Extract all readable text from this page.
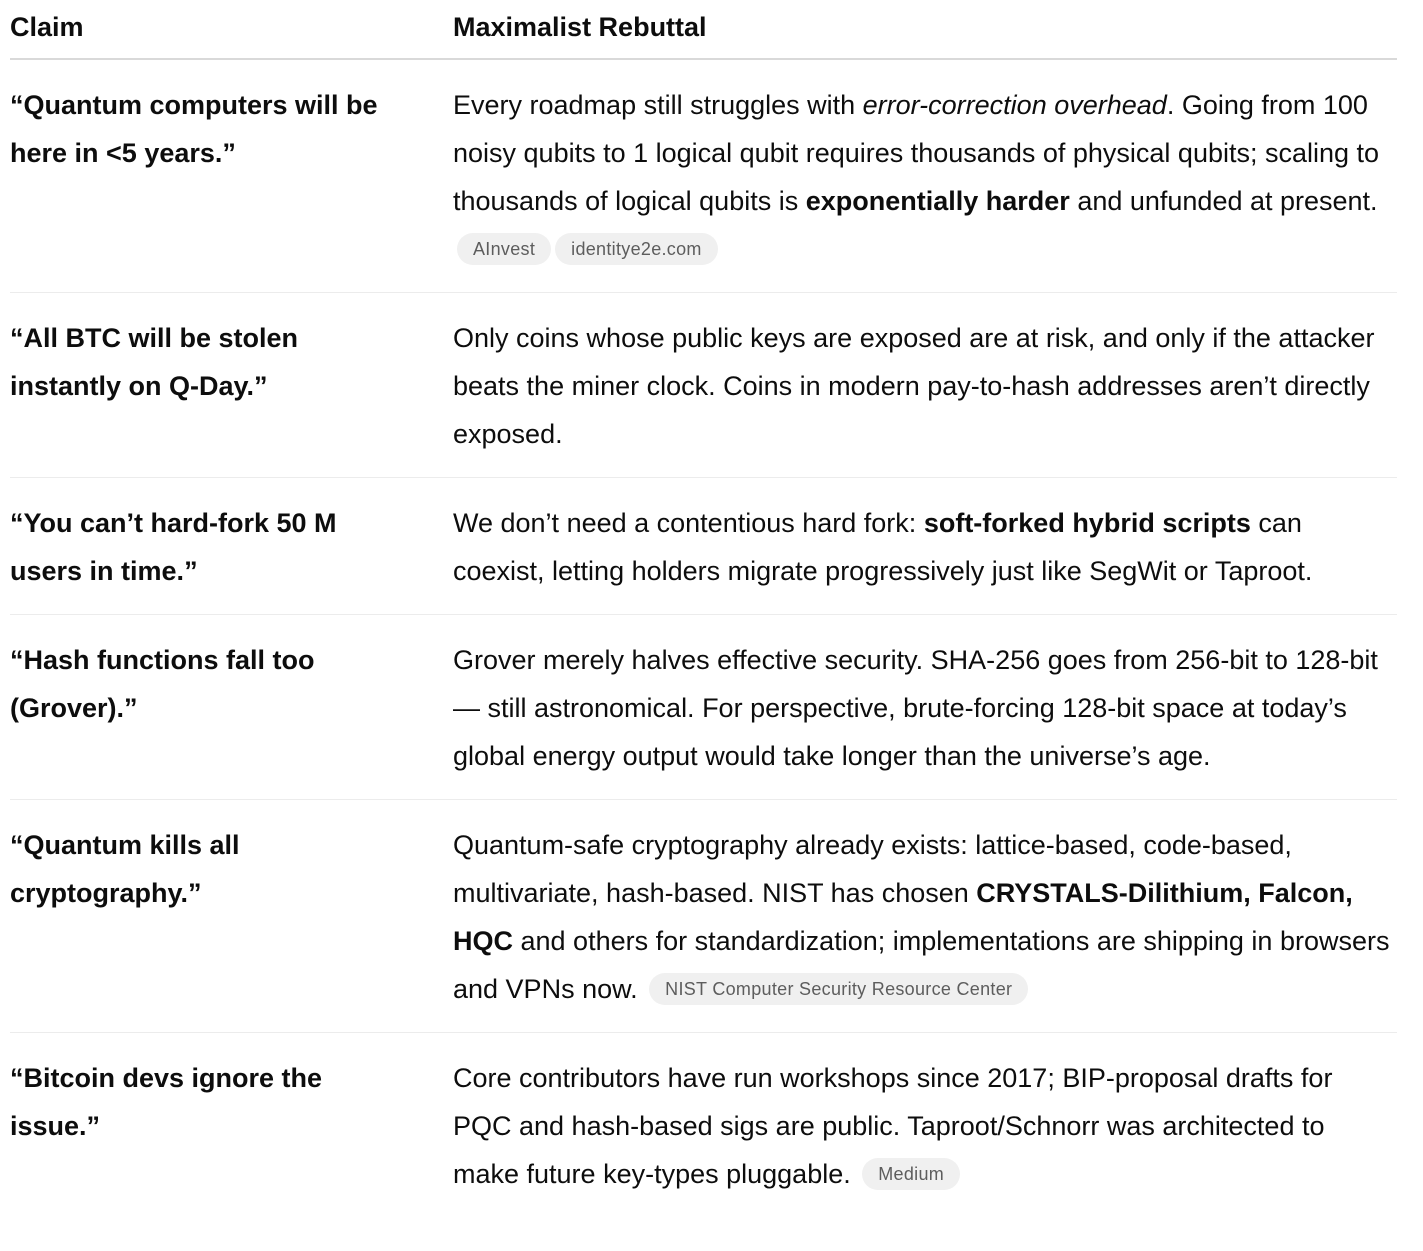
Claim	Maximalist Rebuttal
“Quantum computers will be here in <5 years.”	Every roadmap still struggles with error-correction overhead. Going from 100 noisy qubits to 1 logical qubit requires thousands of physical qubits; scaling to thousands of logical qubits is exponentially harder and unfunded at present. AInvest identitye2e.com
“All BTC will be stolen instantly on Q-Day.”	Only coins whose public keys are exposed are at risk, and only if the attacker beats the miner clock. Coins in modern pay-to-hash addresses aren’t directly exposed.
“You can’t hard-fork 50 M users in time.”	We don’t need a contentious hard fork: soft-forked hybrid scripts can coexist, letting holders migrate progressively just like SegWit or Taproot.
“Hash functions fall too (Grover).”	Grover merely halves effective security. SHA-256 goes from 256-bit to 128-bit — still astronomical. For perspective, brute-forcing 128-bit space at today’s global energy output would take longer than the universe’s age.
“Quantum kills all cryptography.”	Quantum-safe cryptography already exists: lattice-based, code-based, multivariate, hash-based. NIST has chosen CRYSTALS-Dilithium, Falcon, HQC and others for standardization; implementations are shipping in browsers and VPNs now. NIST Computer Security Resource Center
“Bitcoin devs ignore the issue.”	Core contributors have run workshops since 2017; BIP-proposal drafts for PQC and hash-based sigs are public. Taproot/Schnorr was architected to make future key-types pluggable. Medium
